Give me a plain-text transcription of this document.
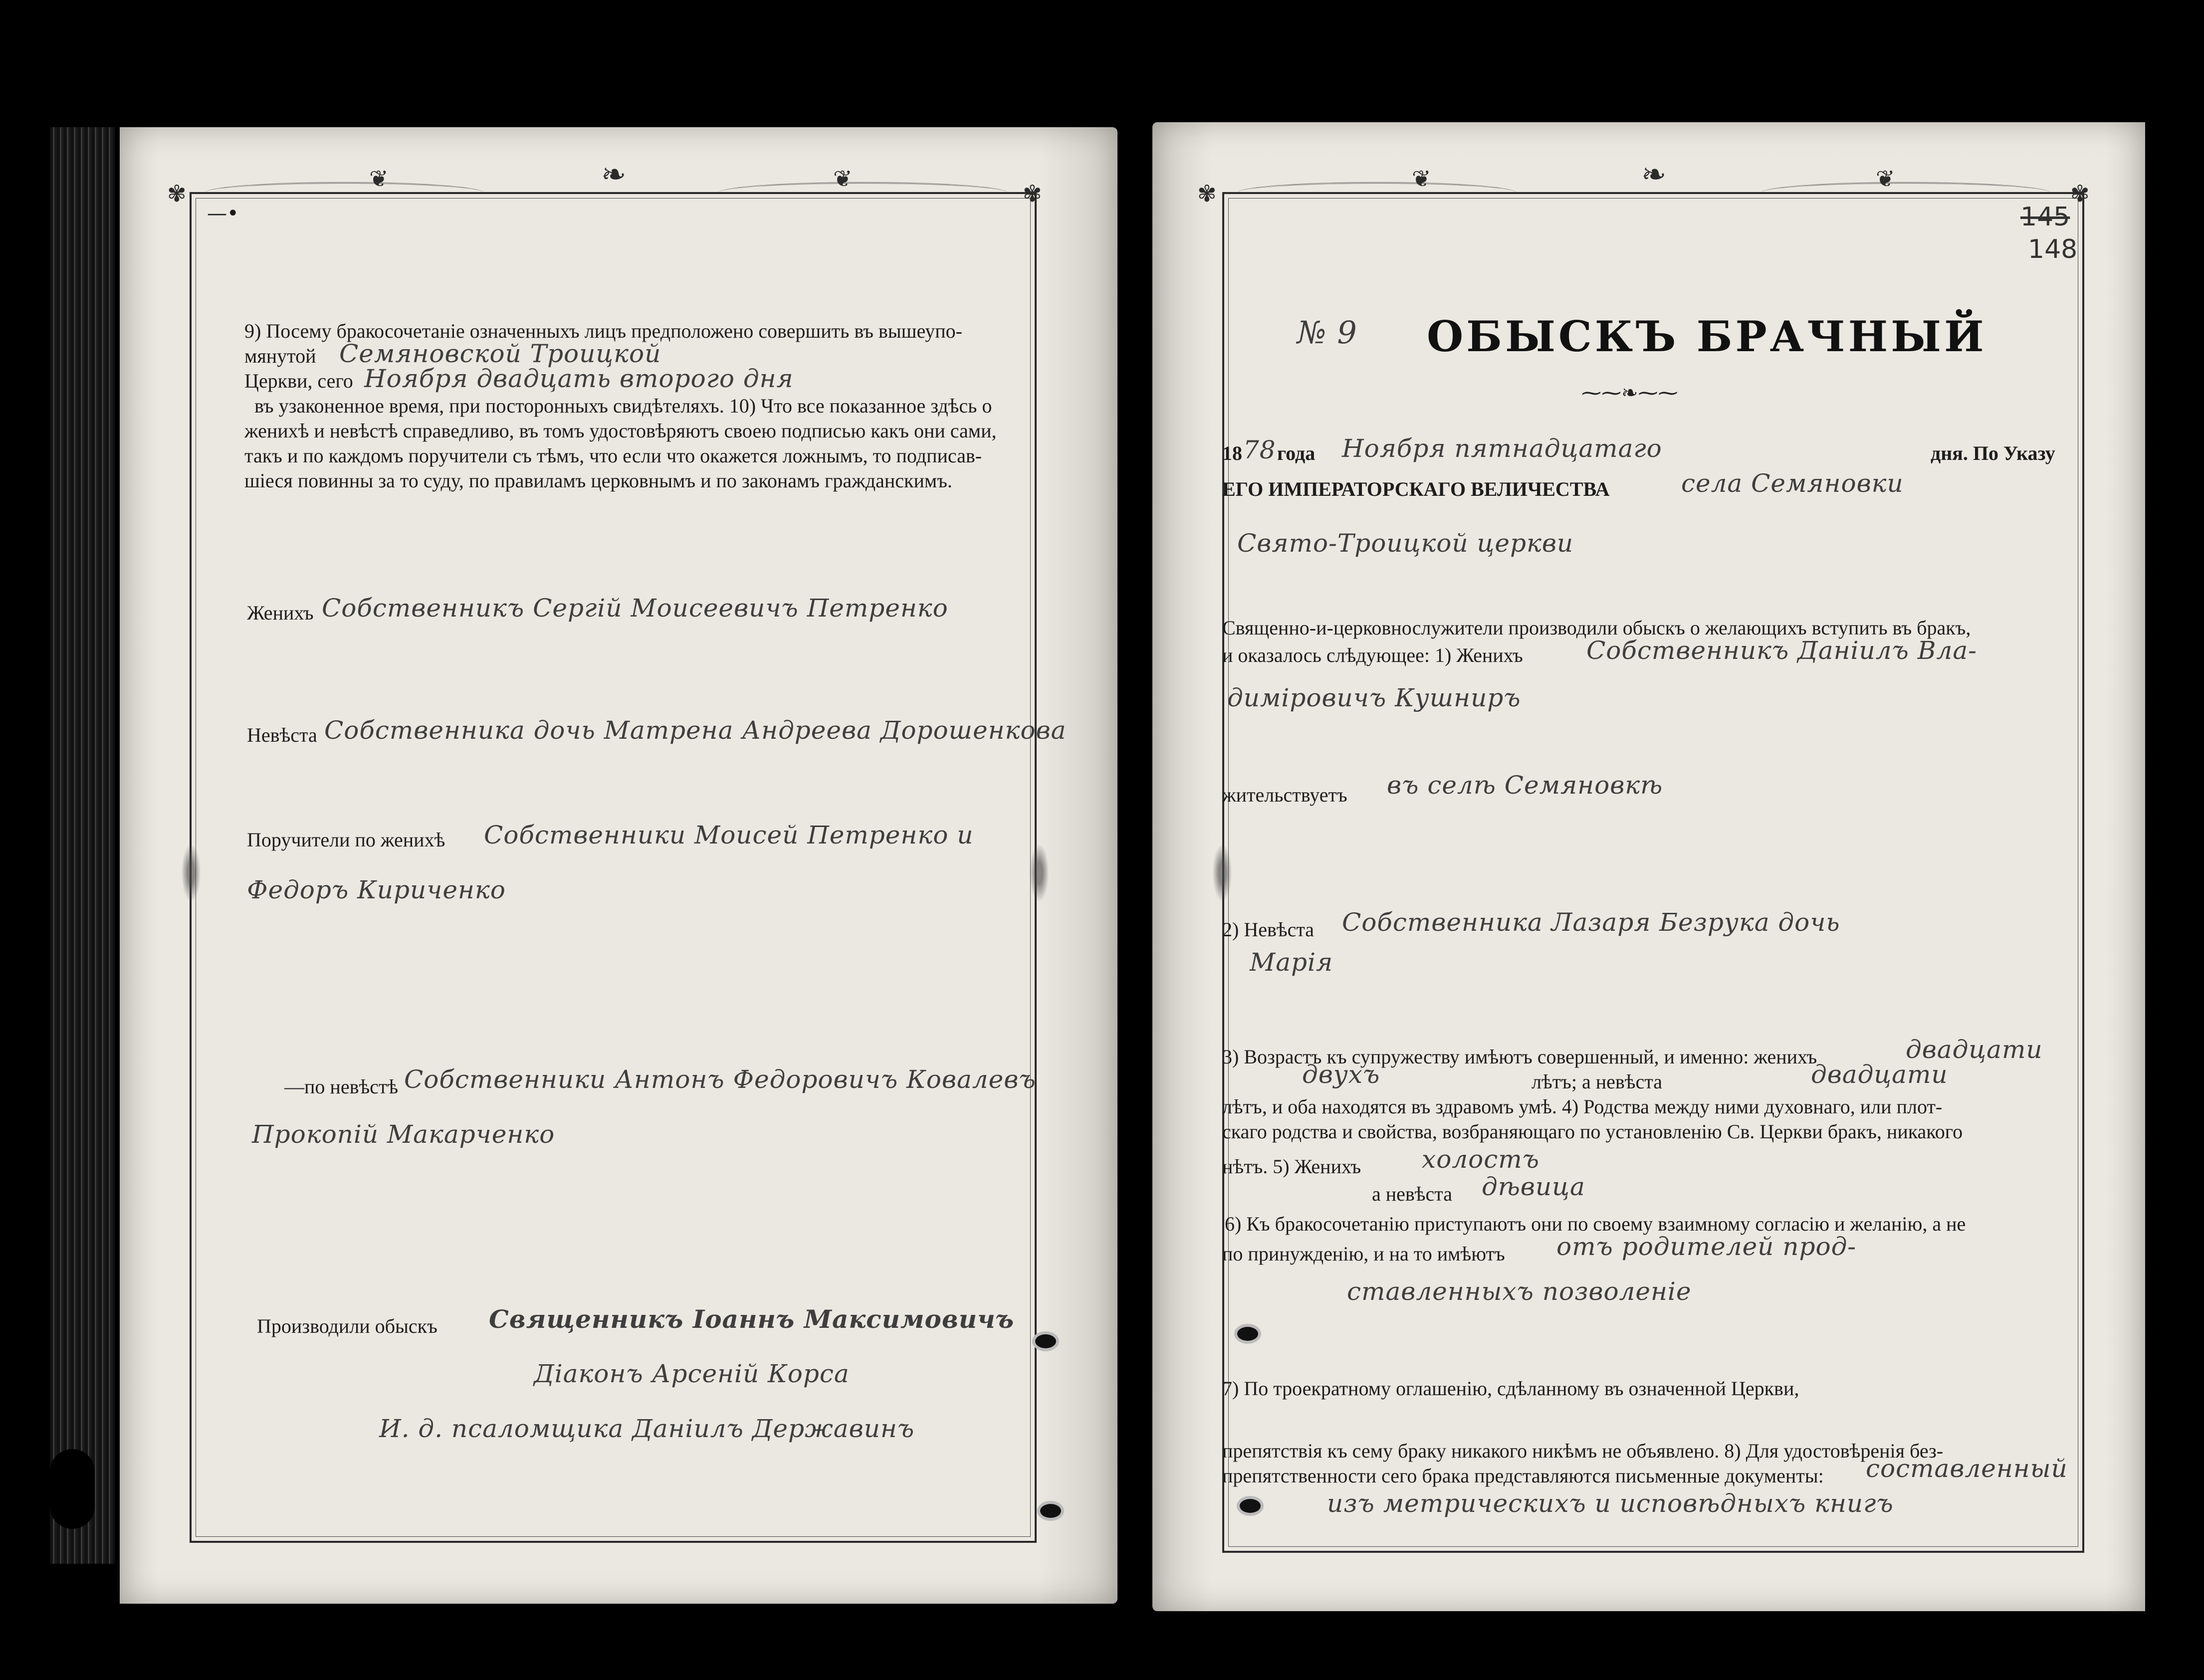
❦	❧	❦
✾	✾
—•
9) Посему бракосочетаніе означенныхъ лицъ предположено совершить въ вышеупо-
мянутой Семяновской Троицкой
Церкви, сего Ноября двадцать второго дня
въ узаконенное время, при посторонныхъ свидѣтеляхъ. 10) Что все показанное здѣсь о
женихѣ и невѣстѣ справедливо, въ томъ удостовѣряютъ своею подписью какъ они сами,
такъ и по каждомъ поручители съ тѣмъ, что если что окажется ложнымъ, то подписав-
шіеся повинны за то суду, по правиламъ церковнымъ и по законамъ гражданскимъ.
Женихъ Собственникъ Сергій Моисеевичъ Петренко
Невѣста Собственника дочь Матрена Андреева Дорошенкова
Поручители по женихѣ Собственники Моисей Петренко и
Федоръ Кириченко
—по невѣстѣ Собственники Антонъ Федоровичъ Ковалевъ
Прокопій Макарченко
Производили обыскъ Священникъ Іоаннъ Максимовичъ
Діаконъ Арсеній Корса
И. д. псаломщика Даніилъ Державинъ
❦	❧	❦
✾	✾
145
148
№ 9 ОБЫСКЪ БРАЧНЫЙ
⁓⁓❧⁓⁓
18 78 года Ноября пятнадцатаго	дня. По Указу
ЕГО ИМПЕРАТОРСКАГО ВЕЛИЧЕСТВА	села Семяновки
Свято-Троицкой церкви
Священно-и-церковнослужители производили обыскъ о желающихъ вступить въ бракъ,
и оказалось слѣдующее: 1) Женихъ	Собственникъ Даніилъ Вла-
диміровичъ Кушниръ
жительствуетъ въ селѣ Семяновкѣ
2) Невѣста Собственника Лазаря Безрука дочь
Марія
3) Возрастъ къ супружеству имѣютъ совершенный, и именно: женихъ	двадцати
двухъ	лѣтъ; а невѣста	двадцати
лѣтъ, и оба находятся въ здравомъ умѣ. 4) Родства между ними духовнаго, или плот-
скаго родства и свойства, возбраняющаго по установленію Св. Церкви бракъ, никакого
нѣтъ. 5) Женихъ холостъ
а невѣста дѣвица
6) Къ бракосочетанію приступаютъ они по своему взаимному согласію и желанію, а не
по принужденію, и на то имѣютъ отъ родителей прод-
ставленныхъ позволеніе
7) По троекратному оглашенію, сдѣланному въ означенной Церкви,
препятствія къ сему браку никакого никѣмъ не объявлено. 8) Для удостовѣренія без-
препятственности сего брака представляются письменные документы: составленный
изъ метрическихъ и исповѣдныхъ книгъ
